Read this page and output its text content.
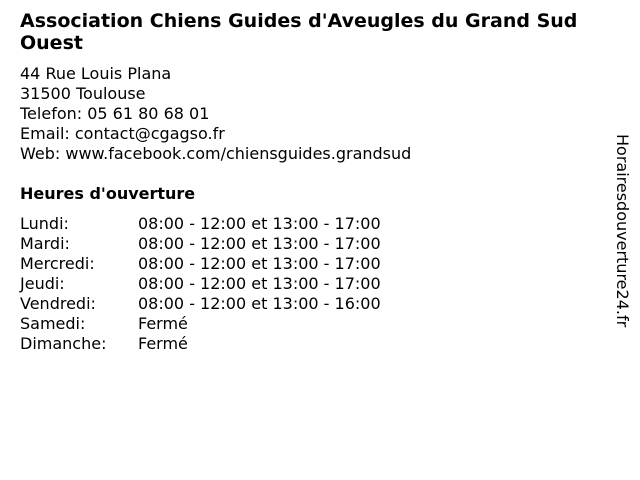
Association Chiens Guides d'Aveugles du Grand Sud Ouest
44 Rue Louis Plana
31500 Toulouse
Telefon: 05 61 80 68 01
Email: contact@cgagso.fr
Web: www.facebook.com/chiensguides.grandsud
Heures d'ouverture
Lundi:	08:00 - 12:00 et 13:00 - 17:00
Mardi:	08:00 - 12:00 et 13:00 - 17:00
Mercredi:	08:00 - 12:00 et 13:00 - 17:00
Jeudi:	08:00 - 12:00 et 13:00 - 17:00
Vendredi:	08:00 - 12:00 et 13:00 - 16:00
Samedi:	Fermé
Dimanche:	Fermé
Horairesdouverture24.fr
